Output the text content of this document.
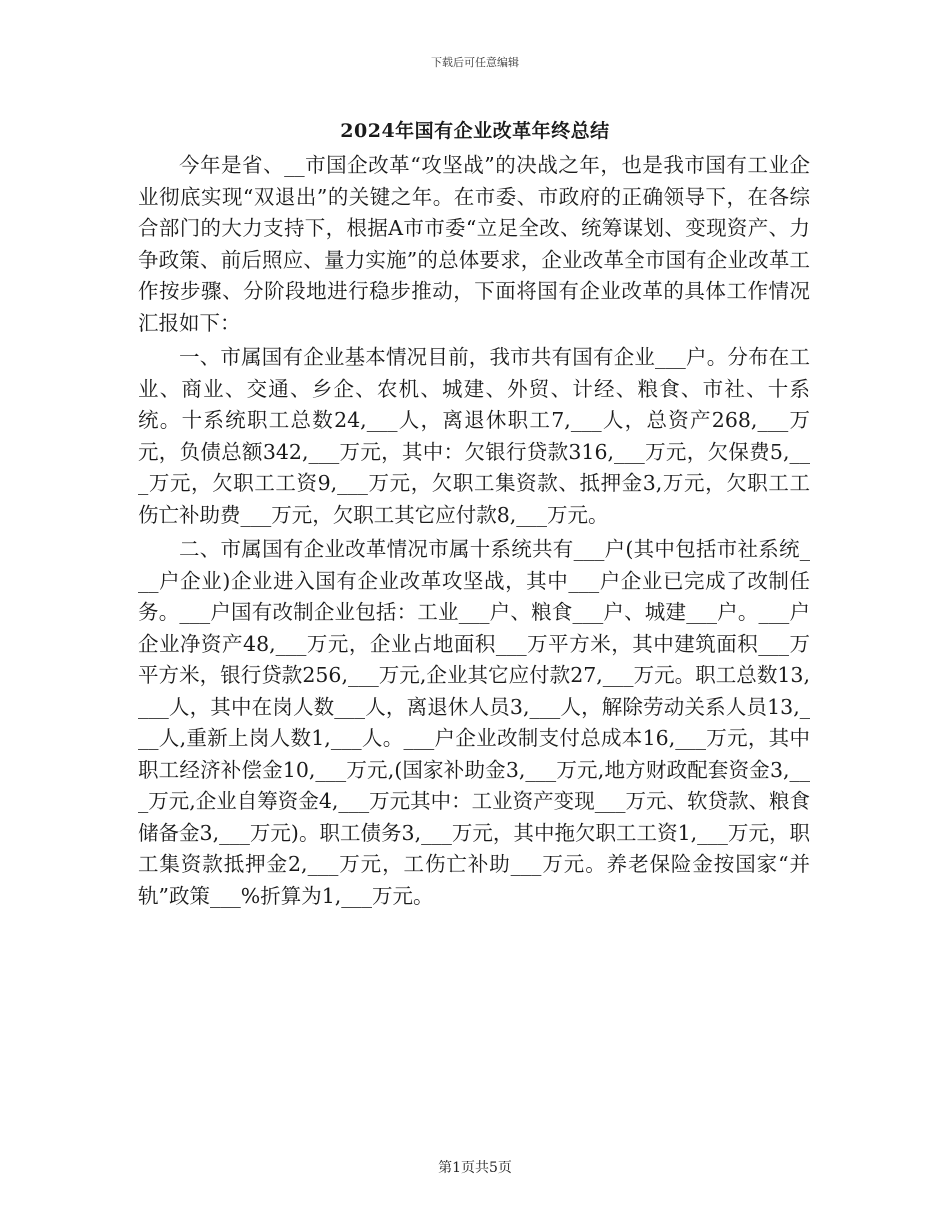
下载后可任意编辑
2024年国有企业改革年终总结

今年是省、__市国企改革“攻坚战”的决战之年，也是我市国有工业企业彻底实现“双退出”的关键之年。在市委、市政府的正确领导下，在各综合部门的大力支持下，根据A市市委“立足全改、统筹谋划、变现资产、力争政策、前后照应、量力实施”的总体要求，企业改革全市国有企业改革工作按步骤、分阶段地进行稳步推动，下面将国有企业改革的具体工作情况汇报如下：

一、市属国有企业基本情况目前，我市共有国有企业___户。分布在工业、商业、交通、乡企、农机、城建、外贸、计经、粮食、市社、十系统。十系统职工总数24,___人，离退休职工7,___人，总资产268,___万元，负债总额342,___万元，其中：欠银行贷款316,___万元，欠保费5,___万元，欠职工工资9,___万元，欠职工集资款、抵押金3,万元，欠职工工伤亡补助费___万元，欠职工其它应付款8,___万元。

二、市属国有企业改革情况市属十系统共有___户(其中包括市社系统___户企业)企业进入国有企业改革攻坚战，其中___户企业已完成了改制任务。___户国有改制企业包括：工业___户、粮食___户、城建___户。___户企业净资产48,___万元，企业占地面积___万平方米，其中建筑面积___万平方米，银行贷款256,___万元,企业其它应付款27,___万元。职工总数13,___人，其中在岗人数___人，离退休人员3,___人，解除劳动关系人员13,___人,重新上岗人数1,___人。___户企业改制支付总成本16,___万元，其中职工经济补偿金10,___万元,(国家补助金3,___万元,地方财政配套资金3,___万元,企业自筹资金4,___万元其中：工业资产变现___万元、软贷款、粮食储备金3,___万元)。职工债务3,___万元，其中拖欠职工工资1,___万元，职工集资款抵押金2,___万元，工伤亡补助___万元。养老保险金按国家“并轨”政策___%折算为1,___万元。

第1页共5页
